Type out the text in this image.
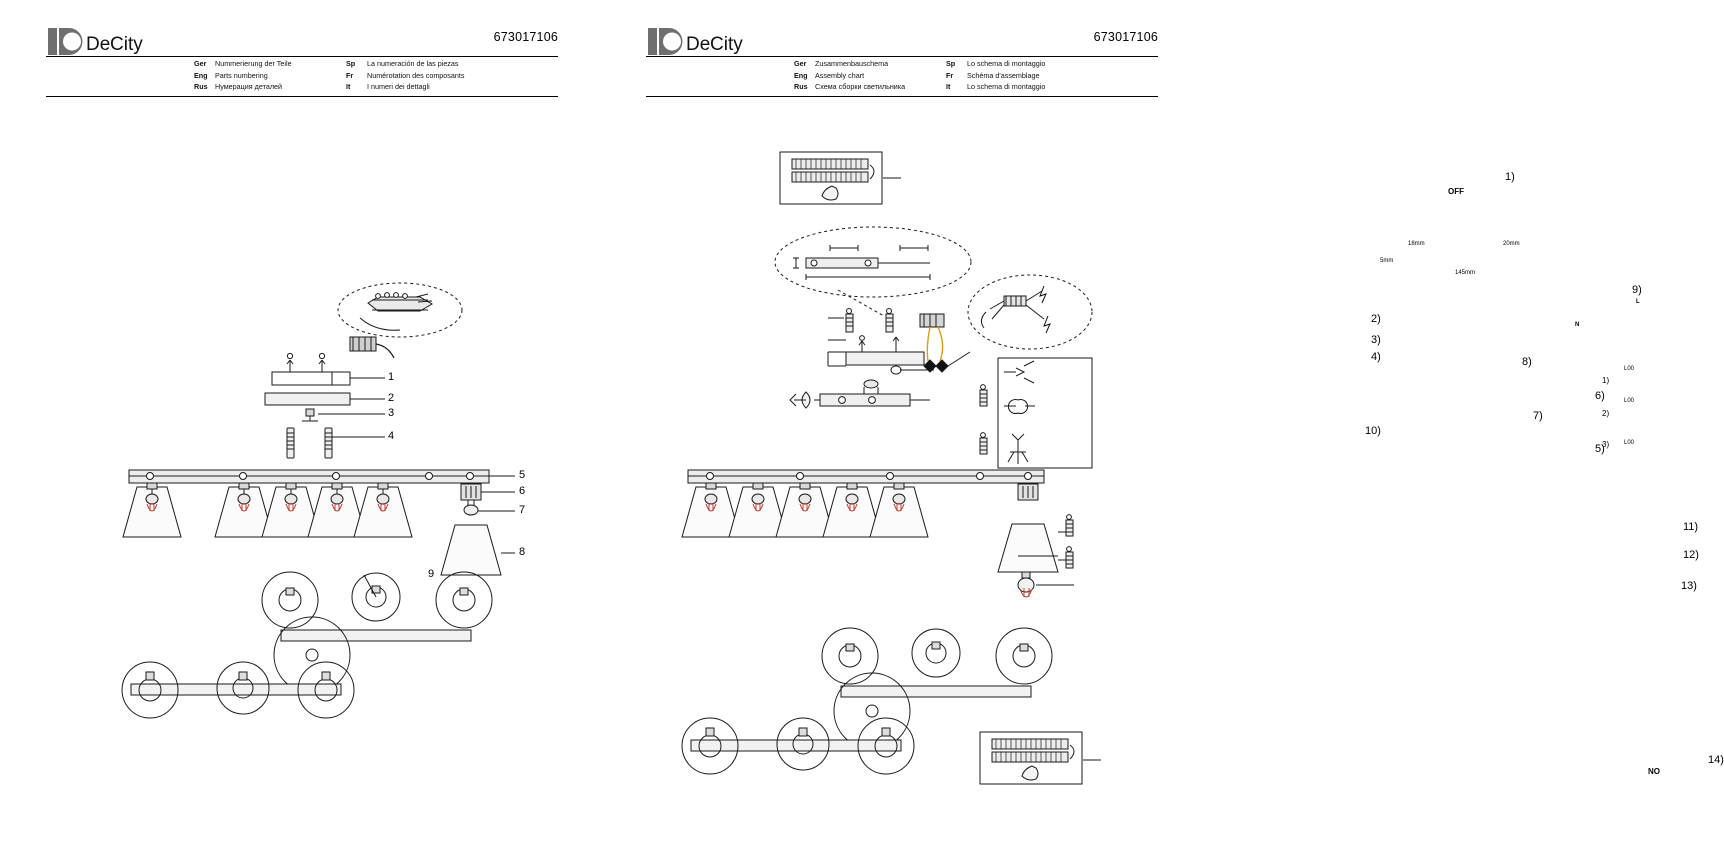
De City	673017106
Ger Nummerierung der Teile
Eng Parts numbering
Rus Нумерация деталей
Sp La numeración de las piezas
Fr Numérotation des composants
It I numeri dei dettagli
1
2
3
4
5
6
7
8
9
De City	673017106
Ger Zusammenbauschema
Eng Assembly chart
Rus Схема сборки светильника
Sp Lo schema di montaggio
Fr Schéma d'assemblage
It Lo schema di montaggio
1)
2)
3)
4)
5)
6)
7)
8)
9)
10)
11)
12)
13)
14)
OFF
NO
18mm	20mm
5mm
145mm
N
L
1)
L00
2)
L00
3) L00
